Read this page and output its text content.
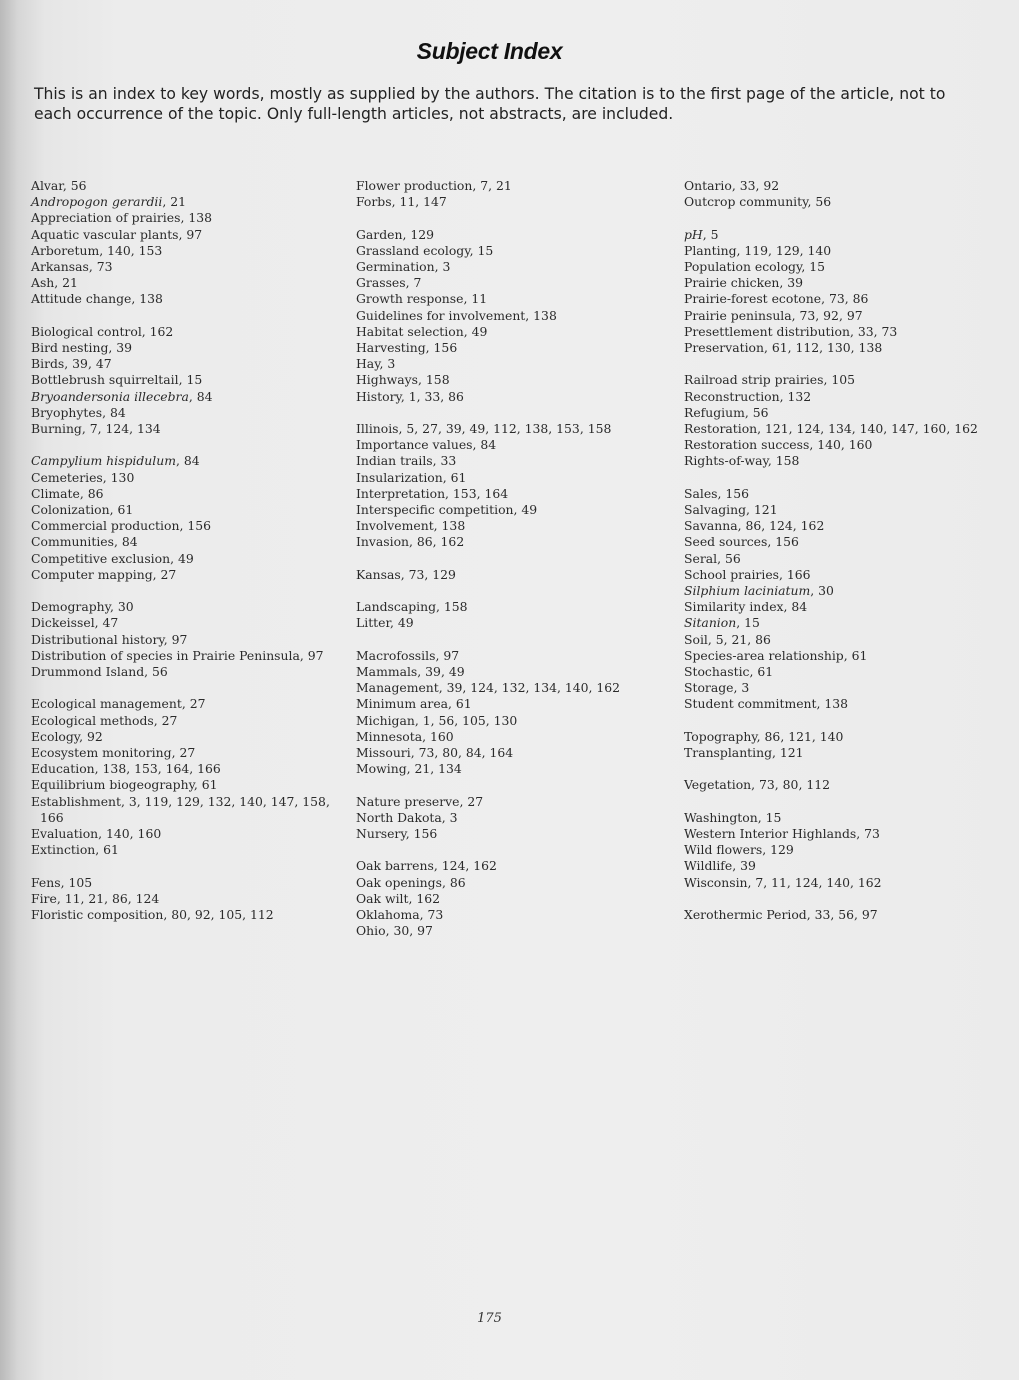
Subject Index
This is an index to key words, mostly as supplied by the authors. The citation is to the first page of the article, not to each occurrence of the topic. Only full-length articles, not abstracts, are included.
Alvar, 56
Andropogon gerardii, 21
Appreciation of prairies, 138
Aquatic vascular plants, 97
Arboretum, 140, 153
Arkansas, 73
Ash, 21
Attitude change, 138
Biological control, 162
Bird nesting, 39
Birds, 39, 47
Bottlebrush squirreltail, 15
Bryoandersonia illecebra, 84
Bryophytes, 84
Burning, 7, 124, 134
Campylium hispidulum, 84
Cemeteries, 130
Climate, 86
Colonization, 61
Commercial production, 156
Communities, 84
Competitive exclusion, 49
Computer mapping, 27
Demography, 30
Dickeissel, 47
Distributional history, 97
Distribution of species in Prairie Peninsula, 97
Drummond Island, 56
Ecological management, 27
Ecological methods, 27
Ecology, 92
Ecosystem monitoring, 27
Education, 138, 153, 164, 166
Equilibrium biogeography, 61
Establishment, 3, 119, 129, 132, 140, 147, 158, 166
Evaluation, 140, 160
Extinction, 61
Fens, 105
Fire, 11, 21, 86, 124
Floristic composition, 80, 92, 105, 112
Flower production, 7, 21
Forbs, 11, 147
Garden, 129
Grassland ecology, 15
Germination, 3
Grasses, 7
Growth response, 11
Guidelines for involvement, 138
Habitat selection, 49
Harvesting, 156
Hay, 3
Highways, 158
History, 1, 33, 86
Illinois, 5, 27, 39, 49, 112, 138, 153, 158
Importance values, 84
Indian trails, 33
Insularization, 61
Interpretation, 153, 164
Interspecific competition, 49
Involvement, 138
Invasion, 86, 162
Kansas, 73, 129
Landscaping, 158
Litter, 49
Macrofossils, 97
Mammals, 39, 49
Management, 39, 124, 132, 134, 140, 162
Minimum area, 61
Michigan, 1, 56, 105, 130
Minnesota, 160
Missouri, 73, 80, 84, 164
Mowing, 21, 134
Nature preserve, 27
North Dakota, 3
Nursery, 156
Oak barrens, 124, 162
Oak openings, 86
Oak wilt, 162
Oklahoma, 73
Ohio, 30, 97
Ontario, 33, 92
Outcrop community, 56
pH, 5
Planting, 119, 129, 140
Population ecology, 15
Prairie chicken, 39
Prairie-forest ecotone, 73, 86
Prairie peninsula, 73, 92, 97
Presettlement distribution, 33, 73
Preservation, 61, 112, 130, 138
Railroad strip prairies, 105
Reconstruction, 132
Refugium, 56
Restoration, 121, 124, 134, 140, 147, 160, 162
Restoration success, 140, 160
Rights-of-way, 158
Sales, 156
Salvaging, 121
Savanna, 86, 124, 162
Seed sources, 156
Seral, 56
School prairies, 166
Silphium laciniatum, 30
Similarity index, 84
Sitanion, 15
Soil, 5, 21, 86
Species-area relationship, 61
Stochastic, 61
Storage, 3
Student commitment, 138
Topography, 86, 121, 140
Transplanting, 121
Vegetation, 73, 80, 112
Washington, 15
Western Interior Highlands, 73
Wild flowers, 129
Wildlife, 39
Wisconsin, 7, 11, 124, 140, 162
Xerothermic Period, 33, 56, 97
175
